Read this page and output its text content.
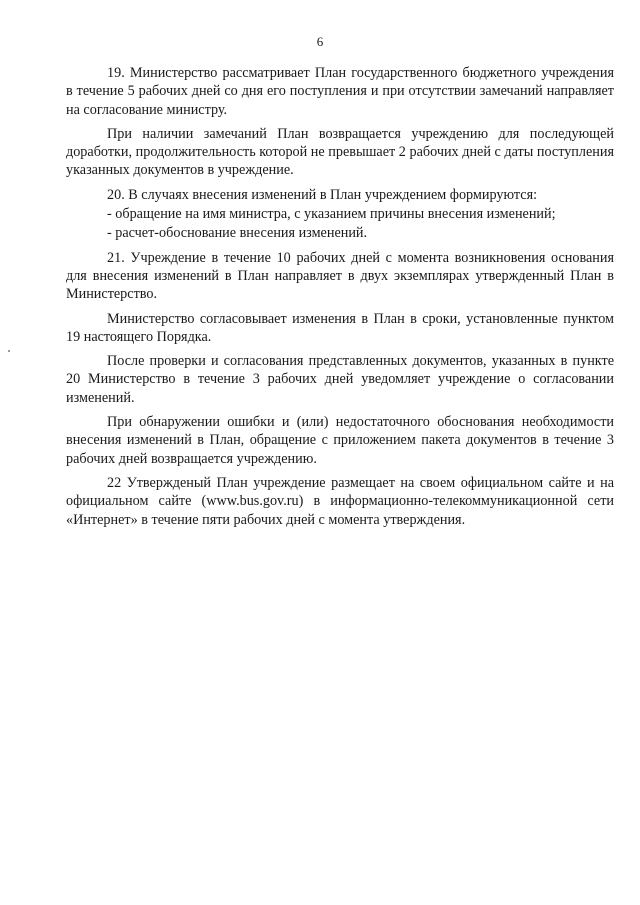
6

19. Министерство рассматривает План государственного бюджетного учреждения в течение 5 рабочих дней со дня его поступления и при отсутствии замечаний направляет на согласование министру.

При наличии замечаний План возвращается учреждению для последующей доработки, продолжительность которой не превышает 2 рабочих дней с даты поступления указанных документов в учреждение.

20. В случаях внесения изменений в План учреждением формируются:

- обращение на имя министра, с указанием причины внесения изменений;

- расчет-обоснование внесения изменений.

21. Учреждение в течение 10 рабочих дней с момента возникновения основания для внесения изменений в План направляет в двух экземплярах утвержденный План в Министерство.

Министерство согласовывает изменения в План в сроки, установленные пунктом 19 настоящего Порядка.

После проверки и согласования представленных документов, указанных в пункте 20 Министерство в течение 3 рабочих дней уведомляет учреждение о согласовании изменений.

При обнаружении ошибки и (или) недостаточного обоснования необходимости внесения изменений в План, обращение с приложением пакета документов в течение 3 рабочих дней возвращается учреждению.

22 Утвержденый План учреждение размещает на своем официальном сайте и на официальном сайте (www.bus.gov.ru) в информационно-телекоммуникационной сети «Интернет» в течение пяти рабочих дней с момента утверждения.
